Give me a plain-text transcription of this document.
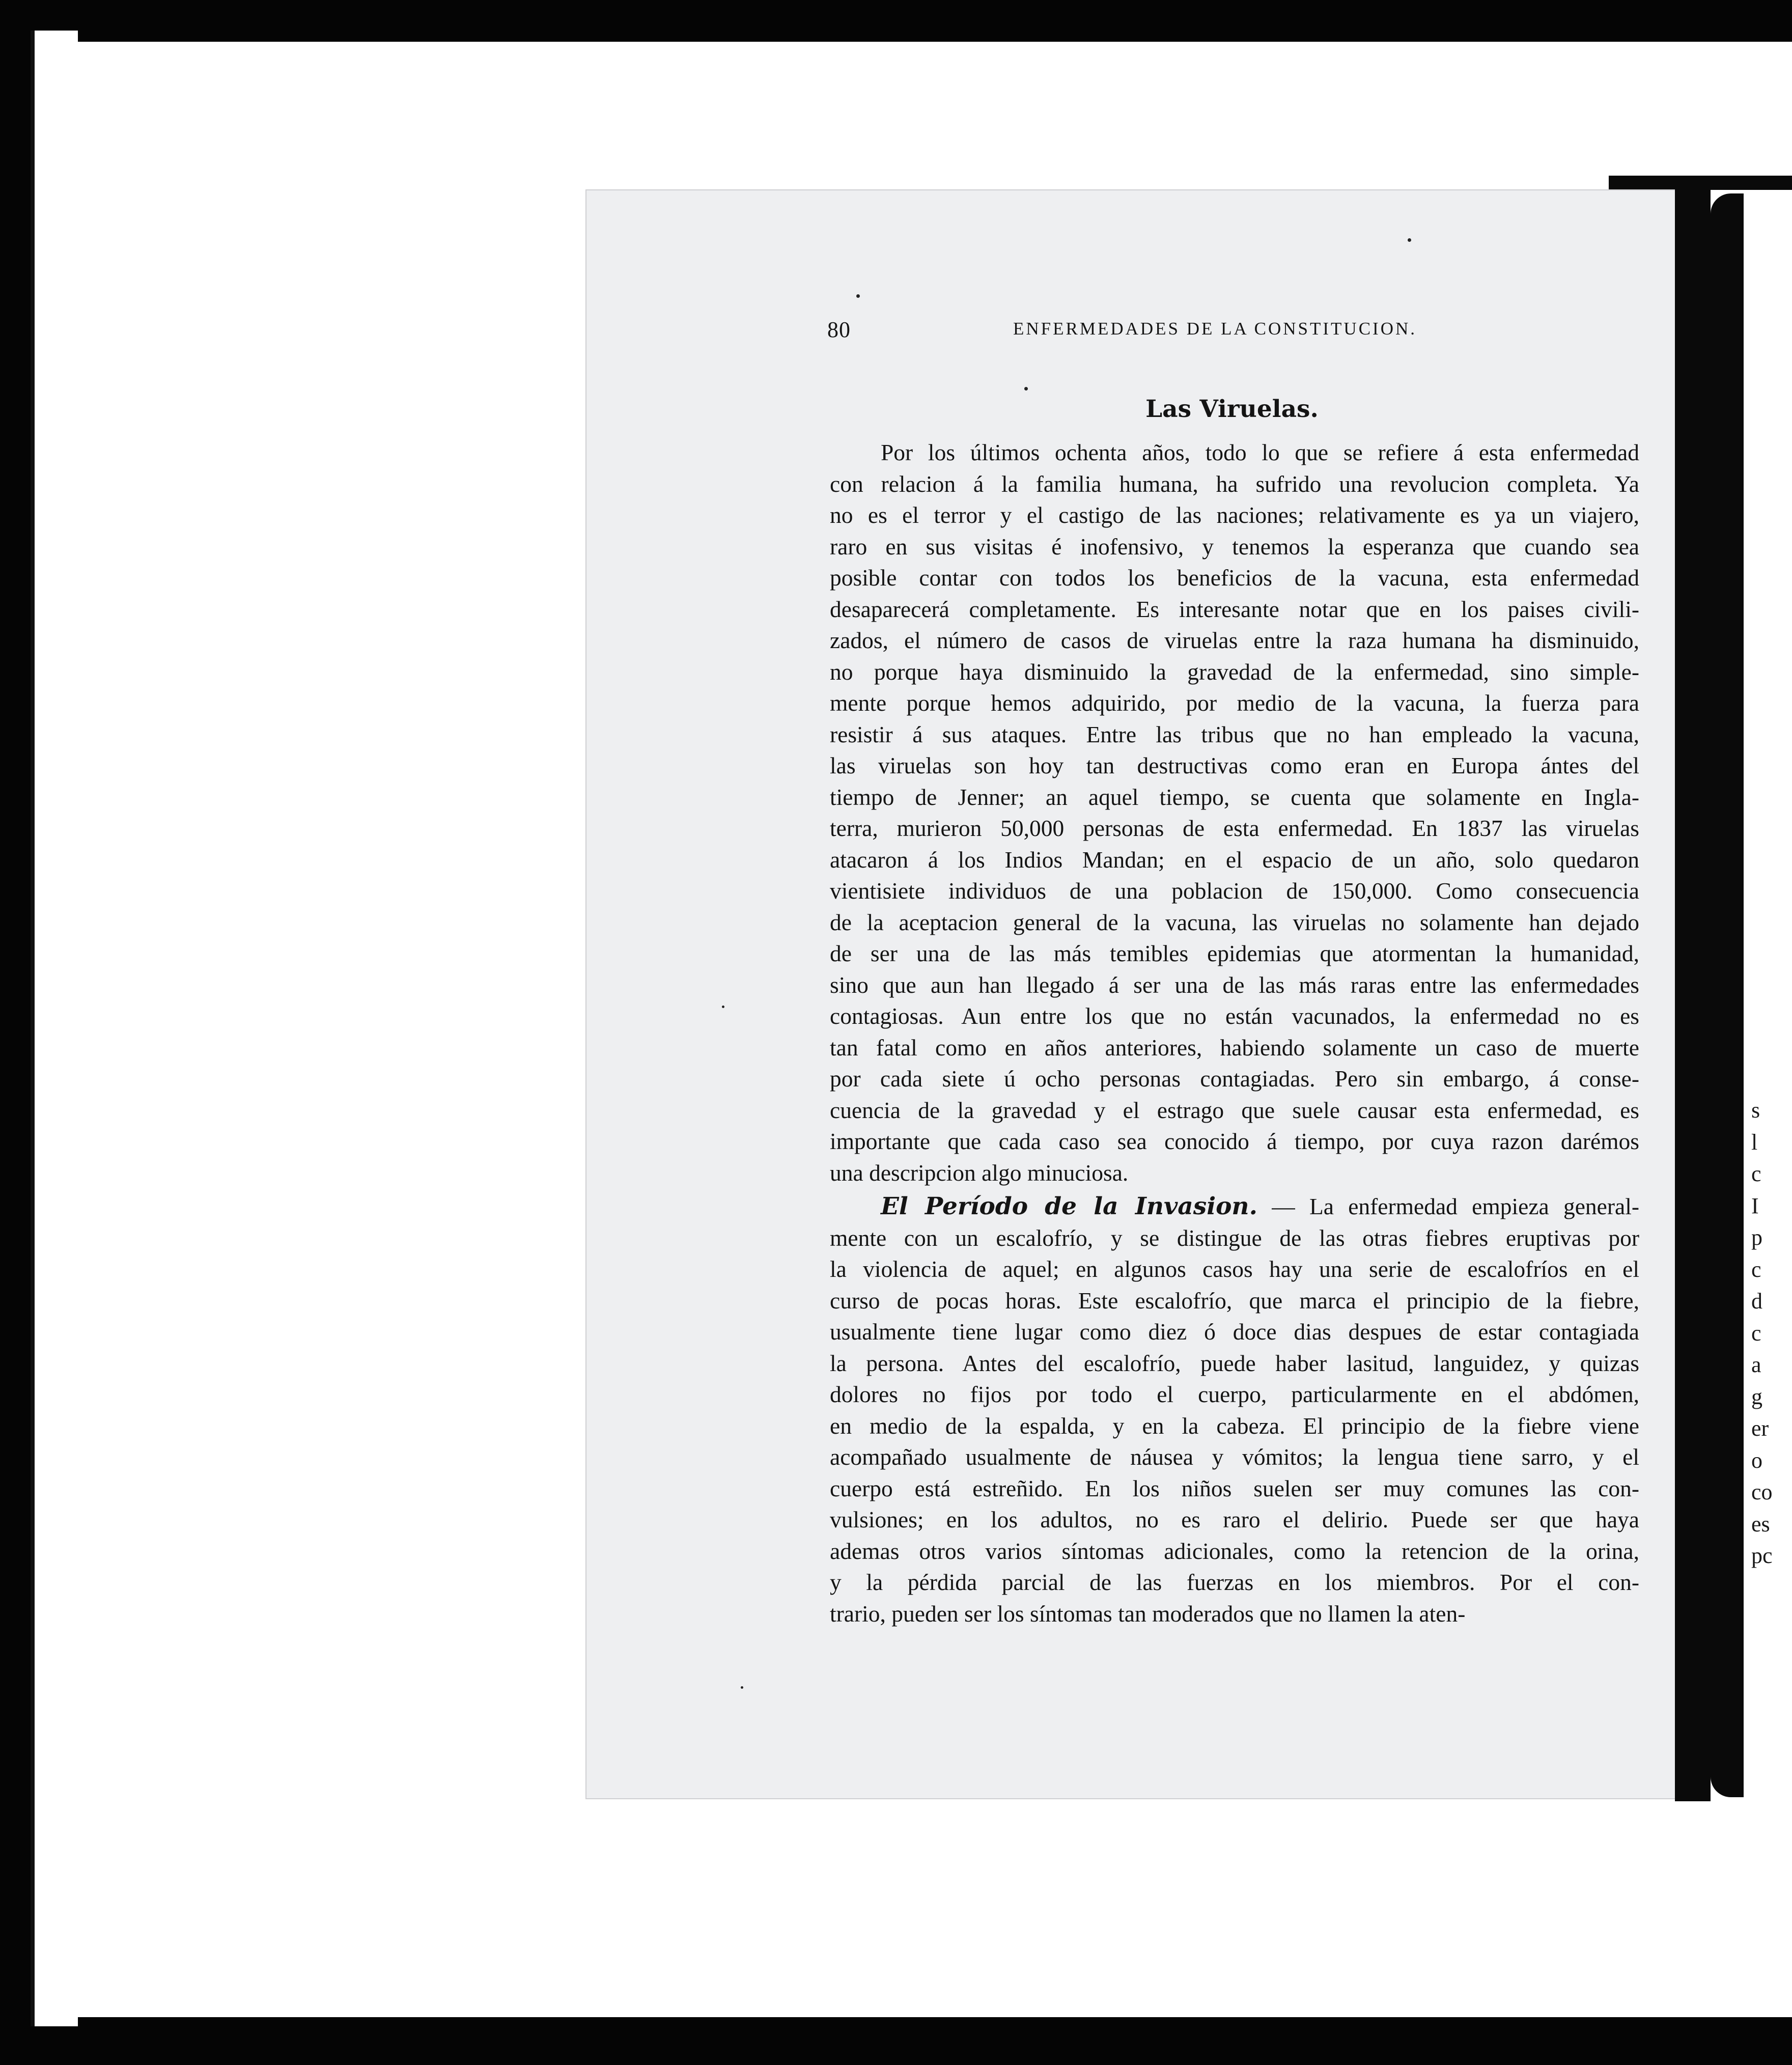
s
l
c
I
p
c
d
c
a
g
er
o
co
es
pc
80	ENFERMEDADES DE LA CONSTITUCION.
Las Viruelas.
Por los últimos ochenta años, todo lo que se refiere á esta enfermedad
con relacion á la familia humana, ha sufrido una revolucion completa. Ya
no es el terror y el castigo de las naciones; relativamente es ya un viajero,
raro en sus visitas é inofensivo, y tenemos la esperanza que cuando sea
posible contar con todos los beneficios de la vacuna, esta enfermedad
desaparecerá completamente. Es interesante notar que en los paises civili-
zados, el número de casos de viruelas entre la raza humana ha disminuido,
no porque haya disminuido la gravedad de la enfermedad, sino simple-
mente porque hemos adquirido, por medio de la vacuna, la fuerza para
resistir á sus ataques. Entre las tribus que no han empleado la vacuna,
las viruelas son hoy tan destructivas como eran en Europa ántes del
tiempo de Jenner; an aquel tiempo, se cuenta que solamente en Ingla-
terra, murieron 50,000 personas de esta enfermedad. En 1837 las viruelas
atacaron á los Indios Mandan; en el espacio de un año, solo quedaron
vientisiete individuos de una poblacion de 150,000. Como consecuencia
de la aceptacion general de la vacuna, las viruelas no solamente han dejado
de ser una de las más temibles epidemias que atormentan la humanidad,
sino que aun han llegado á ser una de las más raras entre las enfermedades
contagiosas. Aun entre los que no están vacunados, la enfermedad no es
tan fatal como en años anteriores, habiendo solamente un caso de muerte
por cada siete ú ocho personas contagiadas. Pero sin embargo, á conse-
cuencia de la gravedad y el estrago que suele causar esta enfermedad, es
importante que cada caso sea conocido á tiempo, por cuya razon darémos
una descripcion algo minuciosa.
El Período de la Invasion. — La enfermedad empieza general-
mente con un escalofrío, y se distingue de las otras fiebres eruptivas por
la violencia de aquel; en algunos casos hay una serie de escalofríos en el
curso de pocas horas. Este escalofrío, que marca el principio de la fiebre,
usualmente tiene lugar como diez ó doce dias despues de estar contagiada
la persona. Antes del escalofrío, puede haber lasitud, languidez, y quizas
dolores no fijos por todo el cuerpo, particularmente en el abdómen,
en medio de la espalda, y en la cabeza. El principio de la fiebre viene
acompañado usualmente de náusea y vómitos; la lengua tiene sarro, y el
cuerpo está estreñido. En los niños suelen ser muy comunes las con-
vulsiones; en los adultos, no es raro el delirio. Puede ser que haya
ademas otros varios síntomas adicionales, como la retencion de la orina,
y la pérdida parcial de las fuerzas en los miembros. Por el con-
trario, pueden ser los síntomas tan moderados que no llamen la aten-
